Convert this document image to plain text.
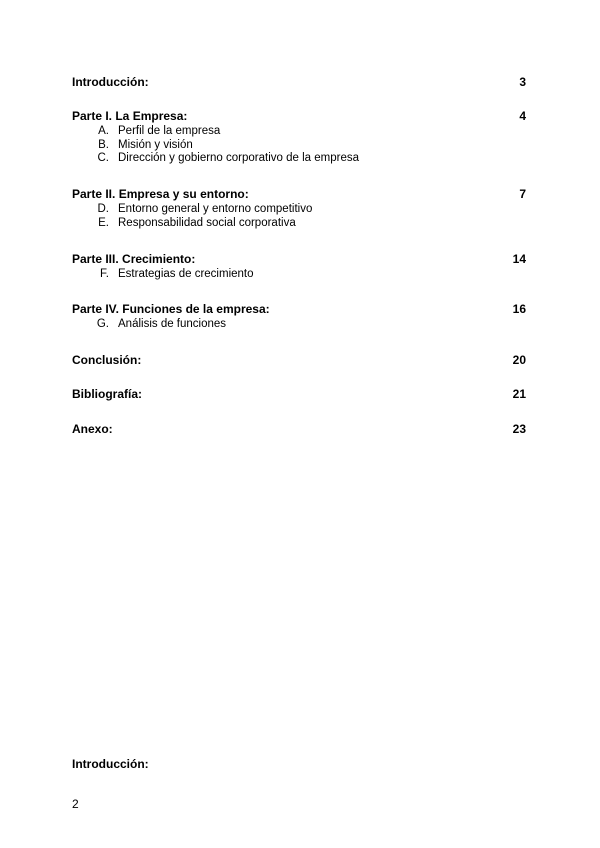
Introducción:	3
Parte I. La Empresa:	4
A. Perfil de la empresa
B. Misión y visión
C. Dirección y gobierno corporativo de la empresa
Parte II. Empresa y su entorno:	7
D. Entorno general y entorno competitivo
E. Responsabilidad social corporativa
Parte III. Crecimiento:	14
F. Estrategias de crecimiento
Parte IV. Funciones de la empresa:	16
G. Análisis de funciones
Conclusión:	20
Bibliografía:	21
Anexo:	23
Introducción:
2
